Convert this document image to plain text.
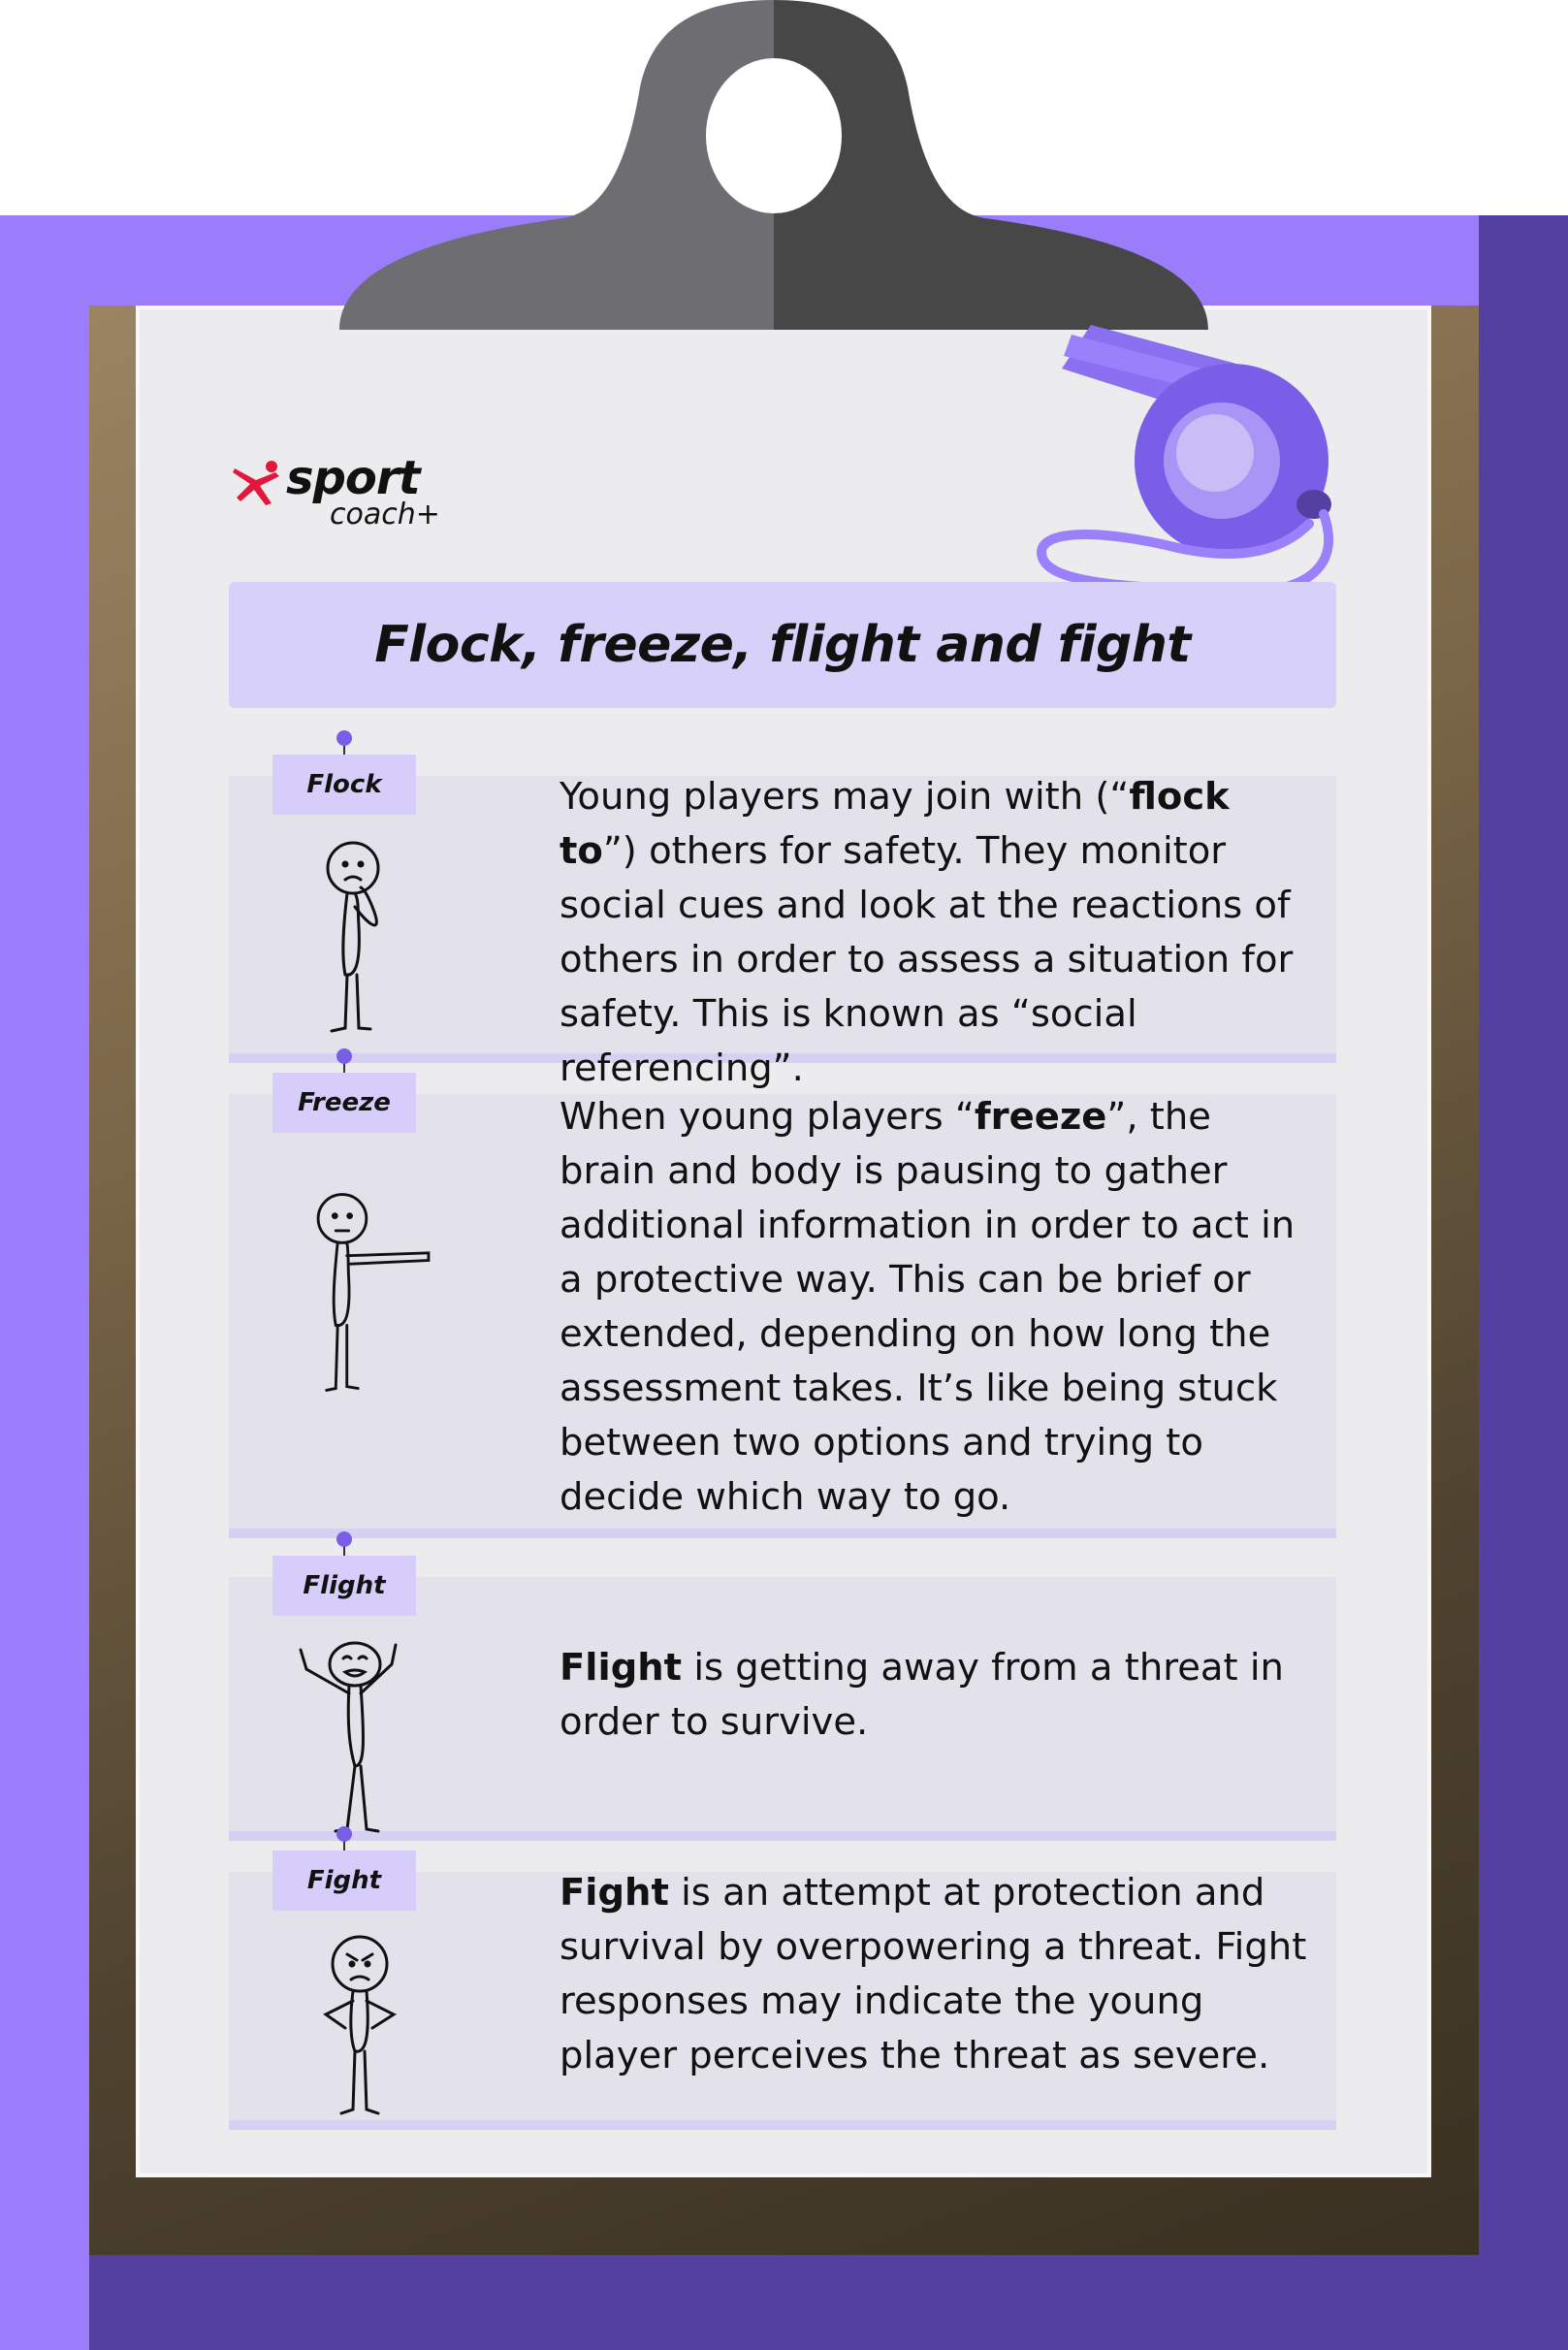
sport
coach+
Flock, freeze, flight and fight
Flock	Young players may join with (“flock to”) others for safety. They monitor social cues and look at the reactions of others in order to assess a situation for safety. This is known as “social referencing”.

Freeze	When young players “freeze”, the brain and body is pausing to gather additional information in order to act in a protective way. This can be brief or extended, depending on how long the assessment takes. It’s like being stuck between two options and trying to decide which way to go.

Flight

Flight is getting away from a threat in order to survive.

Fight	Fight is an attempt at protection and survival by overpowering a threat. Fight responses may indicate the young player perceives the threat as severe.
